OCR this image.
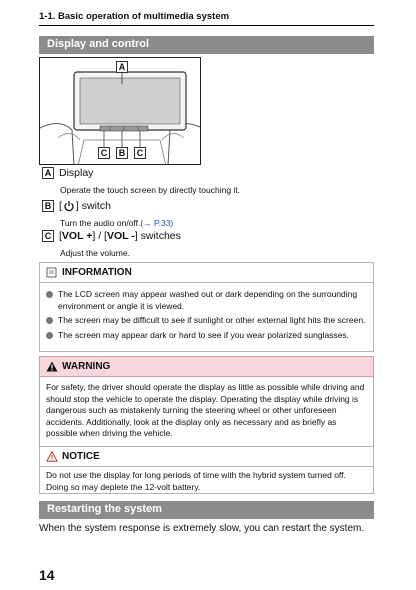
1-1. Basic operation of multimedia system
Display and control
A
C	B	C
A Display
Operate the touch screen by directly touching it.
B [ ] switch
Turn the audio on/off.(→ P.33)
C [ VOL + ] / [ VOL - ] switches
Adjust the volume.
INFORMATION
The LCD screen may appear washed out or dark depending on the surrounding environment or angle it is viewed.
The screen may be difficult to see if sunlight or other external light hits the screen.
The screen may appear dark or hard to see if you wear polarized sunglasses.
WARNING
For safety, the driver should operate the display as little as possible while driving and should stop the vehicle to operate the display. Operating the display while driving is dangerous such as mistakenly turning the steering wheel or other unforeseen accidents. Additionally, look at the display only as necessary and as briefly as possible when driving the vehicle.
NOTICE
Do not use the display for long periods of time with the hybrid system turned off. Doing so may deplete the 12-volt battery.
Restarting the system
When the system response is extremely slow, you can restart the system.
14
